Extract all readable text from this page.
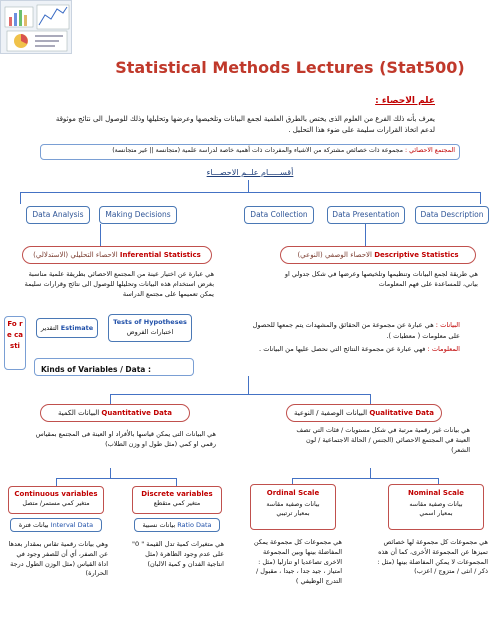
Statistical Methods Lectures (Stat500)
علم الاحصاء :
يعرف بأنه ذلك الفرع من العلوم الذى يختص بالطرق العلمية لجمع البيانات وتلخيصها وعرضها وتحليلها وذلك للوصول الى نتائج موثوقة لدعم اتخاذ القرارات سليمة على ضوء هذا التحليل .
المجتمع الاحصائي : مجموعة ذات خصائص مشتركة من الاشياء والمفردات ذات أهمية خاصة لدراسة علمية (متجانسة || غير متجانسة)
أقســـــام علــم الاحصـــاء
Data Analysis	Making Decisions	Data Collection	Data Presentation	Data Description
الاحصاء التحليلي (الاستدلالي) Inferential Statistics	الاحصاء الوصفي (النوعي) Descriptive Statistics
هي عبارة عن اختيار عينة من المجتمع الاحصائي بطريقة علمية مناسبة بغرض استخدام هذه البيانات وتحليلها للوصول الى نتائج وقرارات سليمة يمكن تعميمها على مجتمع الدراسة
هي طريقة لجمع البيانات وتنظيمها وتلخيصها وعرضها في شكل جدولي او بياني، للمساعدة على فهم المعلومات
Fo re ca sti
التقدير Estimate
Tests of Hypotheses
اختبارات الفروض
البيانات : هي عبارة عن مجموعة من الحقائق والمشهدات يتم جمعها للحصول على معلومات ( معطيات ).
المعلومات : فهي عبارة عن مجموعة النتائج التي نحصل عليها من البيانات .
Kinds of Variables / Data :
البيانات الكمية Quantitative Data	البيانات الوصفية / النوعية Qualitative Data
هي البيانات التى يمكن قياسها بالأفراد او العينة فى المجتمع بمقياس رقمي او كمي (مثل طول او وزن الطلاب)
هي بيانات غير رقمية مرتبة في شكل مستويات / فئات التي تصف العينة في المجتمع الاحصائي (الجنس / الحالة الاجتماعية / لون الشعر)
Continuous variables
متغير كمي مستمر/ متصل
بيانات فترة Interval Data
وهي بيانات رقمية تقاس بمقدار بعدها عن الصفر، أي أن للصفر وجود في اداة القياس (مثل الوزن الطول درجة الحرارة)
Discrete variables
متغير كمي متقطع
بيانات نسبية Ratio Data
هي متغيرات كمية تدل القيمة " 0" على عدم وجود الظاهرة (مثل انتاجية الفدان و كمية الالبان)
Ordinal Scale
بيانات وصفية مقاسة
بمعيار ترتيبي
هي مجموعات كل مجموعة يمكن المفاضلة بينها وبين المجموعة الاخرى تصاعديا او تنازليا (مثل : امتياز ، جيد جدا ، جيدا ، مقبول / التدرج الوظيفي )
Nominal Scale
بيانات وصفية مقاسه
بمعيار اسمي
هي مجموعات كل مجموعة لها خصائص تميزها عن المجموعة الأخرى، كما أن هذه المجموعات لا يمكن المفاضلة بينها (مثل : ذكر / انثى / متزوج / اعزب)
